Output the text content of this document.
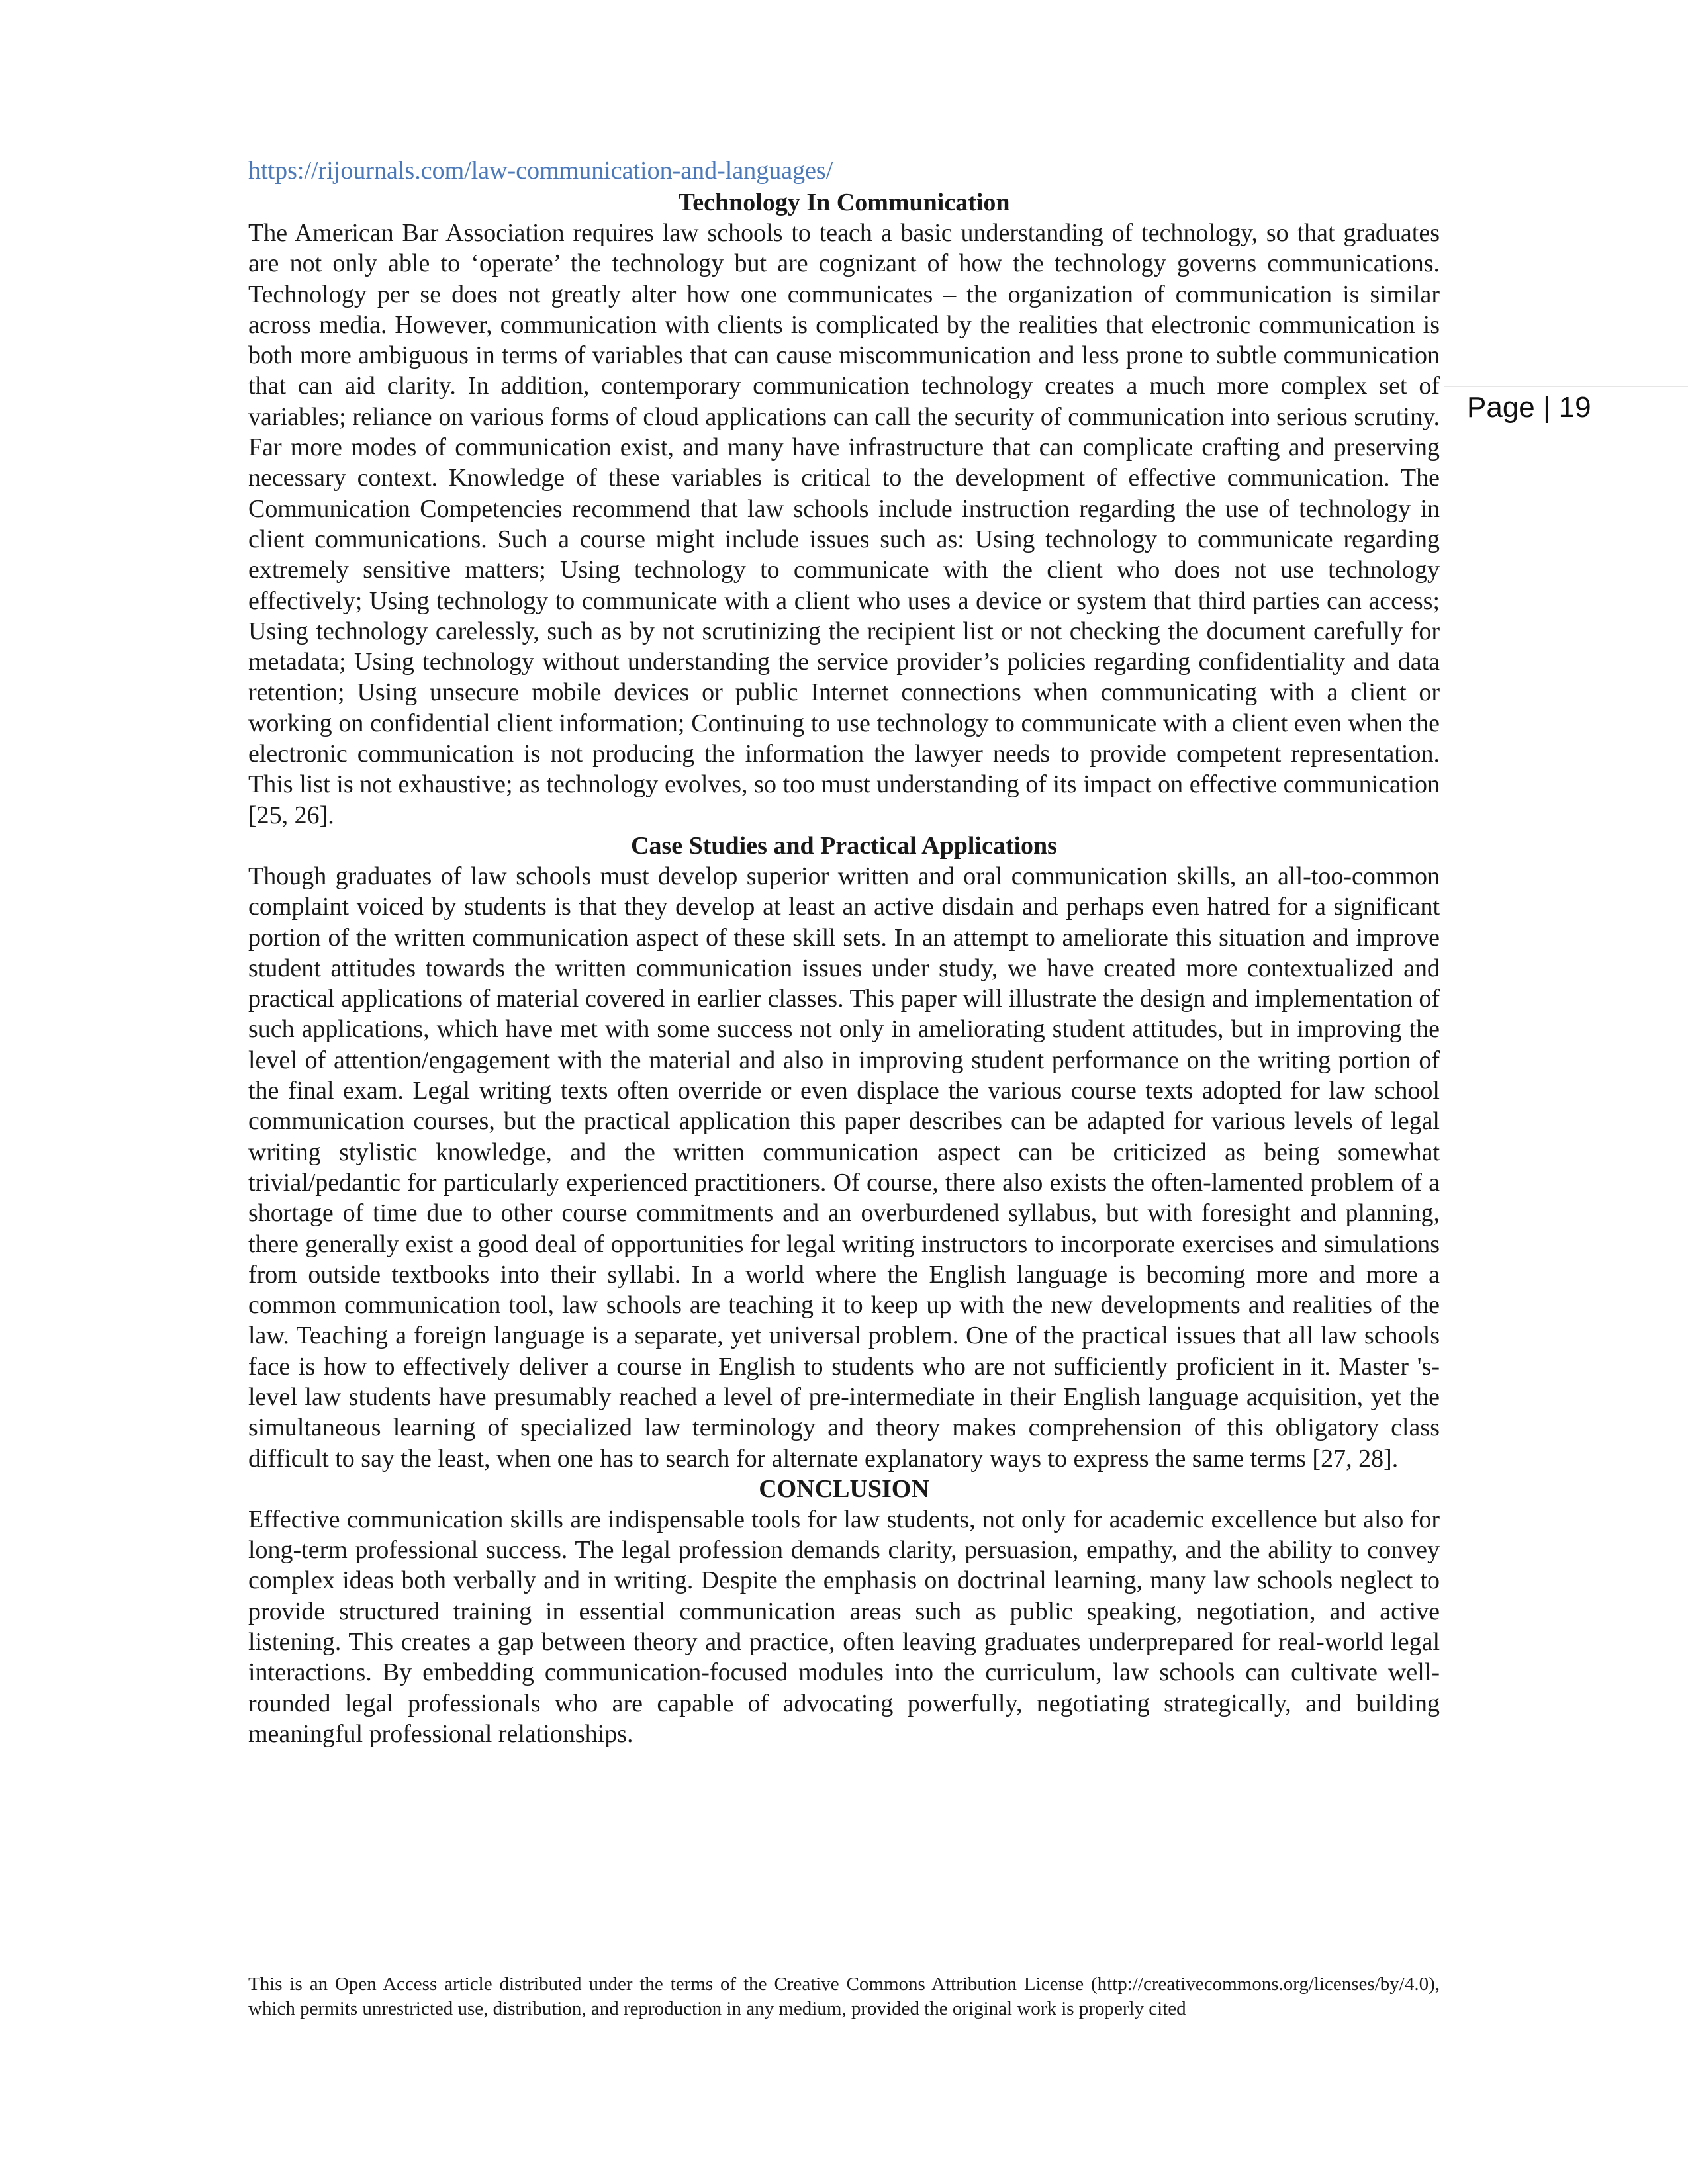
Page | 19
https://rijournals.com/law-communication-and-languages/
Technology In Communication

The American Bar Association requires law schools to teach a basic understanding of technology, so that graduates are not only able to ‘operate’ the technology but are cognizant of how the technology governs communications. Technology per se does not greatly alter how one communicates – the organization of communication is similar across media. However, communication with clients is complicated by the realities that electronic communication is both more ambiguous in terms of variables that can cause miscommunication and less prone to subtle communication that can aid clarity. In addition, contemporary communication technology creates a much more complex set of variables; reliance on various forms of cloud applications can call the security of communication into serious scrutiny. Far more modes of communication exist, and many have infrastructure that can complicate crafting and preserving necessary context. Knowledge of these variables is critical to the development of effective communication. The Communication Competencies recommend that law schools include instruction regarding the use of technology in client communications. Such a course might include issues such as: Using technology to communicate regarding extremely sensitive matters; Using technology to communicate with the client who does not use technology effectively; Using technology to communicate with a client who uses a device or system that third parties can access; Using technology carelessly, such as by not scrutinizing the recipient list or not checking the document carefully for metadata; Using technology without understanding the service provider’s policies regarding confidentiality and data retention; Using unsecure mobile devices or public Internet connections when communicating with a client or working on confidential client information; Continuing to use technology to communicate with a client even when the electronic communication is not producing the information the lawyer needs to provide competent representation. This list is not exhaustive; as technology evolves, so too must understanding of its impact on effective communication [25, 26].

Case Studies and Practical Applications

Though graduates of law schools must develop superior written and oral communication skills, an all-too-common complaint voiced by students is that they develop at least an active disdain and perhaps even hatred for a significant portion of the written communication aspect of these skill sets. In an attempt to ameliorate this situation and improve student attitudes towards the written communication issues under study, we have created more contextualized and practical applications of material covered in earlier classes. This paper will illustrate the design and implementation of such applications, which have met with some success not only in ameliorating student attitudes, but in improving the level of attention/engagement with the material and also in improving student performance on the writing portion of the final exam. Legal writing texts often override or even displace the various course texts adopted for law school communication courses, but the practical application this paper describes can be adapted for various levels of legal writing stylistic knowledge, and the written communication aspect can be criticized as being somewhat trivial/pedantic for particularly experienced practitioners. Of course, there also exists the often-lamented problem of a shortage of time due to other course commitments and an overburdened syllabus, but with foresight and planning, there generally exist a good deal of opportunities for legal writing instructors to incorporate exercises and simulations from outside textbooks into their syllabi. In a world where the English language is becoming more and more a common communication tool, law schools are teaching it to keep up with the new developments and realities of the law. Teaching a foreign language is a separate, yet universal problem. One of the practical issues that all law schools face is how to effectively deliver a course in English to students who are not sufficiently proficient in it. Master 's-level law students have presumably reached a level of pre-intermediate in their English language acquisition, yet the simultaneous learning of specialized law terminology and theory makes comprehension of this obligatory class difficult to say the least, when one has to search for alternate explanatory ways to express the same terms [27, 28].

CONCLUSION

Effective communication skills are indispensable tools for law students, not only for academic excellence but also for long-term professional success. The legal profession demands clarity, persuasion, empathy, and the ability to convey complex ideas both verbally and in writing. Despite the emphasis on doctrinal learning, many law schools neglect to provide structured training in essential communication areas such as public speaking, negotiation, and active listening. This creates a gap between theory and practice, often leaving graduates underprepared for real-world legal interactions. By embedding communication-focused modules into the curriculum, law schools can cultivate well-rounded legal professionals who are capable of advocating powerfully, negotiating strategically, and building meaningful professional relationships.

This is an Open Access article distributed under the terms of the Creative Commons Attribution License (http://creativecommons.org/licenses/by/4.0), which permits unrestricted use, distribution, and reproduction in any medium, provided the original work is properly cited
